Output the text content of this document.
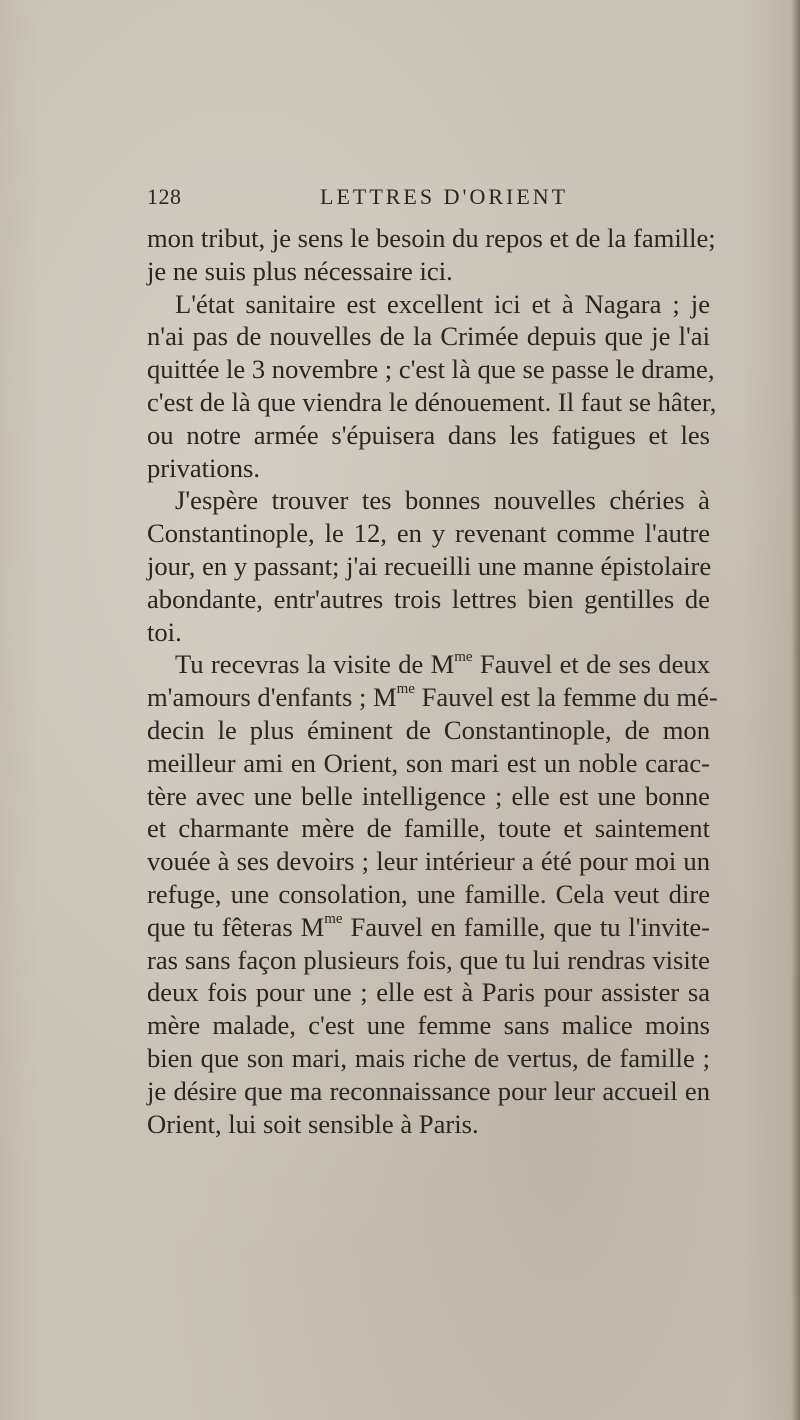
128	LETTRES D'ORIENT
mon tribut, je sens le besoin du repos et de la famille;
je ne suis plus nécessaire ici.
L'état sanitaire est excellent ici et à Nagara ; je
n'ai pas de nouvelles de la Crimée depuis que je l'ai
quittée le 3 novembre ; c'est là que se passe le drame,
c'est de là que viendra le dénouement. Il faut se hâter,
ou notre armée s'épuisera dans les fatigues et les
privations.
J'espère trouver tes bonnes nouvelles chéries à
Constantinople, le 12, en y revenant comme l'autre
jour, en y passant; j'ai recueilli une manne épistolaire
abondante, entr'autres trois lettres bien gentilles de
toi.
Tu recevras la visite de $M^{me}$ Fauvel et de ses deux
m'amours d'enfants ; $M^{me}$ Fauvel est la femme du mé-
decin le plus éminent de Constantinople, de mon
meilleur ami en Orient, son mari est un noble carac-
tère avec une belle intelligence ; elle est une bonne
et charmante mère de famille, toute et saintement
vouée à ses devoirs ; leur intérieur a été pour moi un
refuge, une consolation, une famille. Cela veut dire
que tu fêteras $M^{me}$ Fauvel en famille, que tu l'invite-
ras sans façon plusieurs fois, que tu lui rendras visite
deux fois pour une ; elle est à Paris pour assister sa
mère malade, c'est une femme sans malice moins
bien que son mari, mais riche de vertus, de famille ;
je désire que ma reconnaissance pour leur accueil en
Orient, lui soit sensible à Paris.
